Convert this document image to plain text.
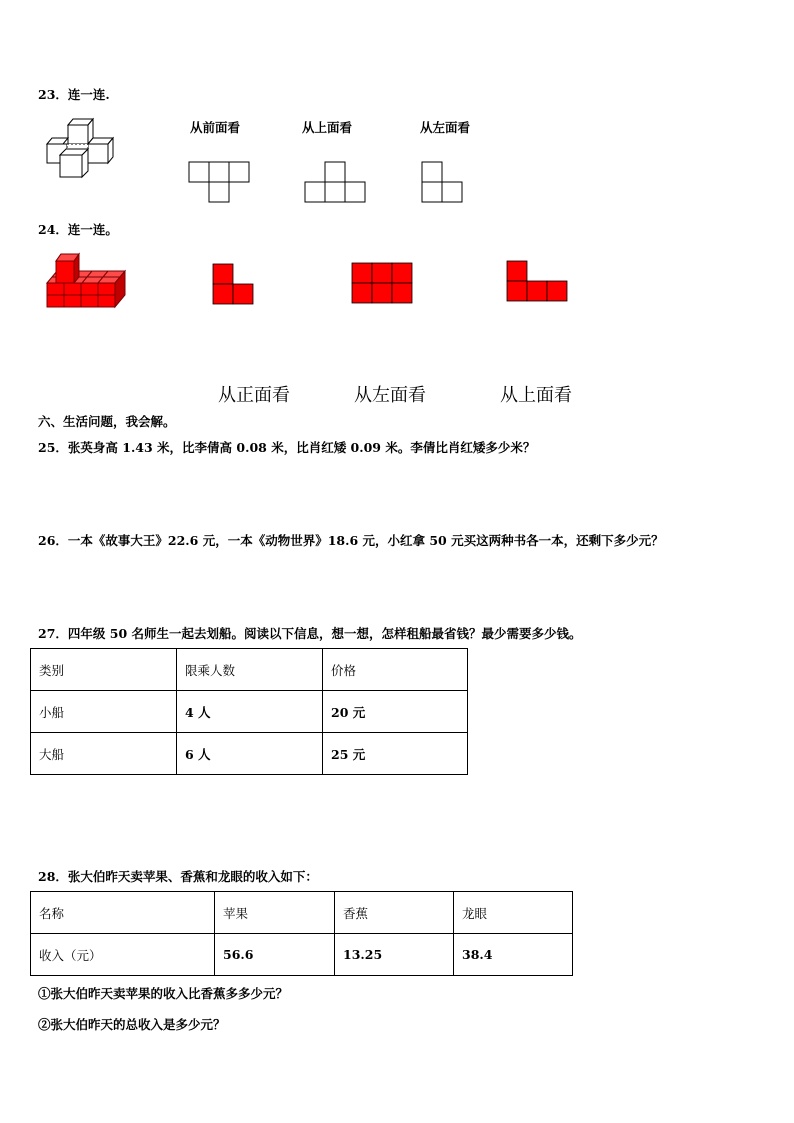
23．连一连.
从前面看	从上面看	从左面看
24．连一连。
从正面看	从左面看	从上面看
六、生活问题，我会解。
25．张英身高 1.43 米，比李倩高 0.08 米，比肖红矮 0.09 米。李倩比肖红矮多少米？
26．一本《故事大王》22.6 元，一本《动物世界》18.6 元，小红拿 50 元买这两种书各一本，还剩下多少元？
27．四年级 50 名师生一起去划船。阅读以下信息，想一想，怎样租船最省钱？最少需要多少钱。
类别	限乘人数	价格
小船	4 人	20 元
大船	6 人	25 元
28．张大伯昨天卖苹果、香蕉和龙眼的收入如下：
名称	苹果	香蕉	龙眼
收入（元）	56.6	13.25	38.4
①张大伯昨天卖苹果的收入比香蕉多多少元？
②张大伯昨天的总收入是多少元？
